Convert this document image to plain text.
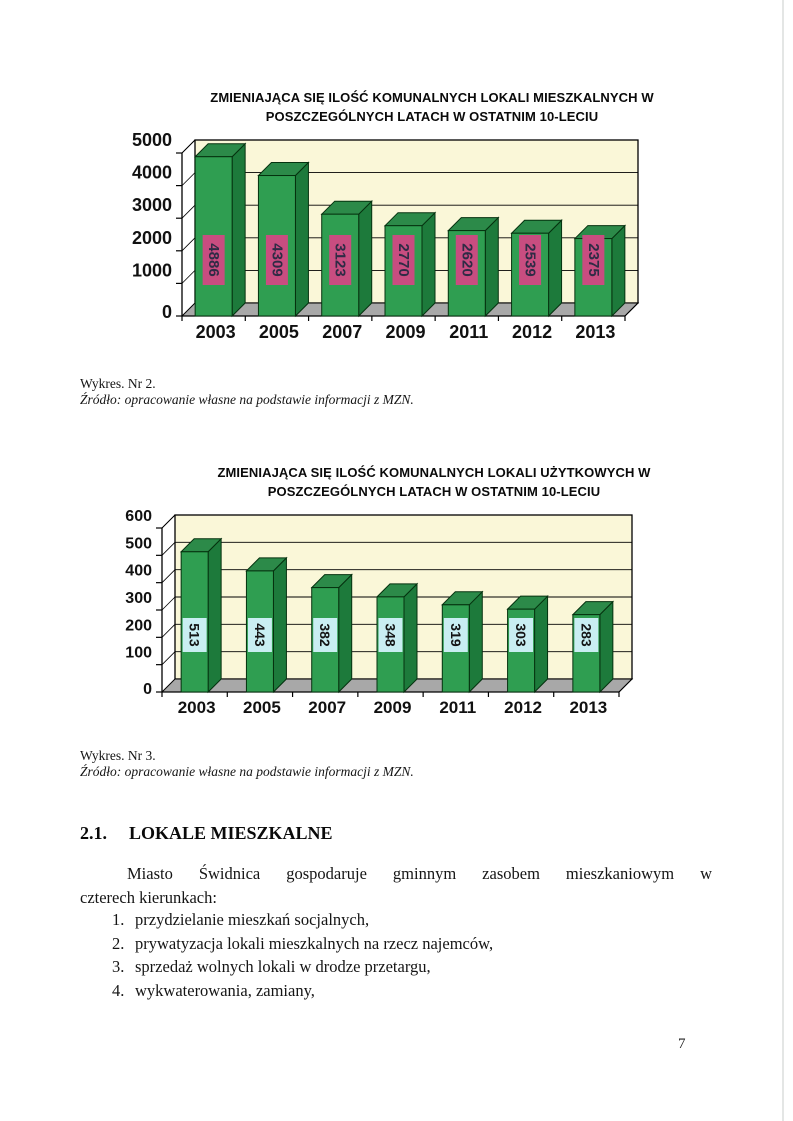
ZMIENIAJĄCA SIĘ ILOŚĆ KOMUNALNYCH LOKALI MIESZKALNYCH W
POSZCZEGÓLNYCH LATACH W OSTATNIM 10-LECIU
0
1000
2000
3000
4000
5000
4886
2003
4309
2005
3123
2007
2770
2009
2620
2011
2539
2012
2375
2013
Wykres. Nr 2.
Źródło: opracowanie własne na podstawie informacji z MZN.
ZMIENIAJĄCA SIĘ ILOŚĆ KOMUNALNYCH LOKALI UŻYTKOWYCH W
POSZCZEGÓLNYCH LATACH W OSTATNIM 10-LECIU
0
100
200
300
400
500
600
513
2003
443
2005
382
2007
348
2009
319
2011
303
2012
283
2013
Wykres. Nr 3.
Źródło: opracowanie własne na podstawie informacji z MZN.
2.1. LOKALE MIESZKALNE
Miasto Świdnica gospodaruje gminnym zasobem mieszkaniowym w
czterech kierunkach:
1. przydzielanie mieszkań socjalnych,
2. prywatyzacja lokali mieszkalnych na rzecz najemców,
3. sprzedaż wolnych lokali w drodze przetargu,
4. wykwaterowania, zamiany,
7
